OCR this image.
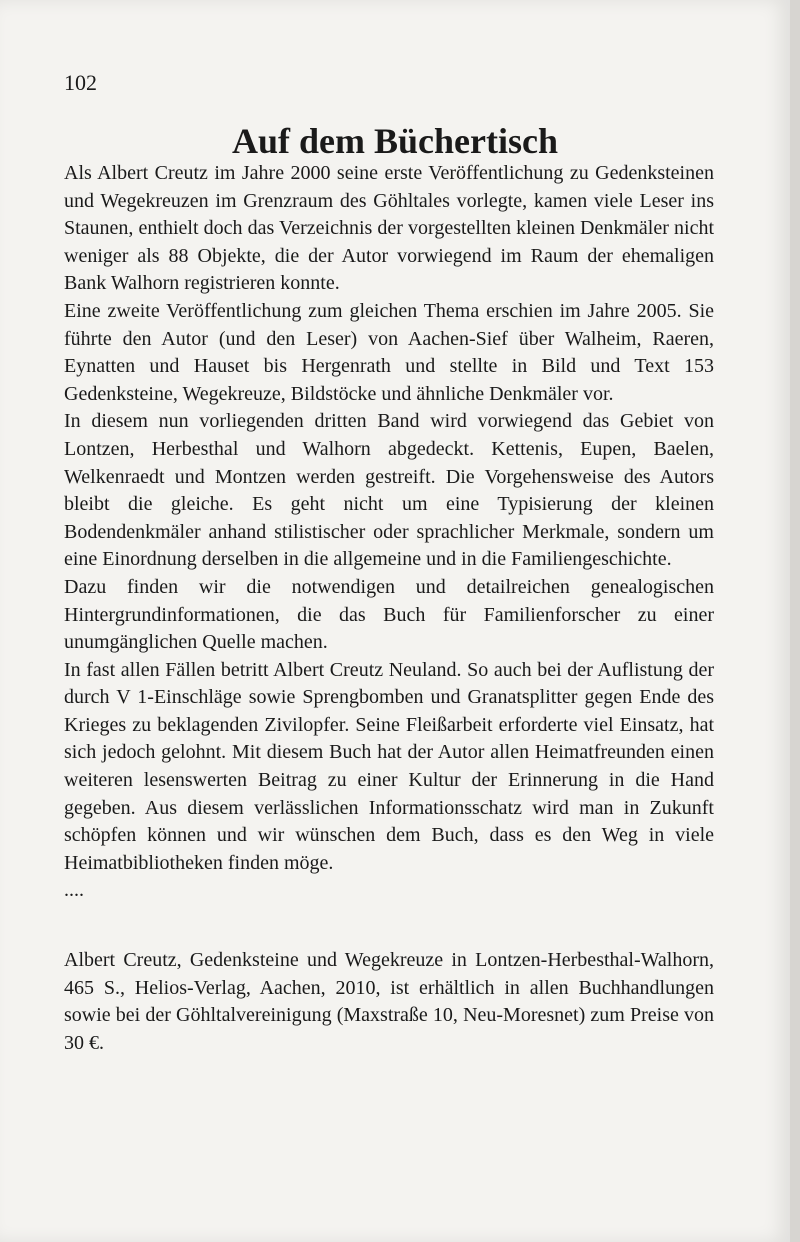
102
Auf dem Büchertisch

Als Albert Creutz im Jahre 2000 seine erste Veröffentlichung zu Gedenksteinen und Wegekreuzen im Grenzraum des Göhltales vorlegte, kamen viele Leser ins Staunen, enthielt doch das Verzeichnis der vorgestellten kleinen Denkmäler nicht weniger als 88 Objekte, die der Autor vorwiegend im Raum der ehemaligen Bank Walhorn registrieren konnte.

Eine zweite Veröffentlichung zum gleichen Thema erschien im Jahre 2005. Sie führte den Autor (und den Leser) von Aachen-Sief über Walheim, Raeren, Eynatten und Hauset bis Hergenrath und stellte in Bild und Text 153 Gedenksteine, Wegekreuze, Bildstöcke und ähnliche Denkmäler vor.

In diesem nun vorliegenden dritten Band wird vorwiegend das Gebiet von Lontzen, Herbesthal und Walhorn abgedeckt. Kettenis, Eupen, Baelen, Welkenraedt und Montzen werden gestreift. Die Vorgehensweise des Autors bleibt die gleiche. Es geht nicht um eine Typisierung der kleinen Bodendenkmäler anhand stilistischer oder sprachlicher Merkmale, sondern um eine Einordnung derselben in die allgemeine und in die Familiengeschichte.

Dazu finden wir die notwendigen und detailreichen genealogischen Hintergrundinformationen, die das Buch für Familienforscher zu einer unumgänglichen Quelle machen.

In fast allen Fällen betritt Albert Creutz Neuland. So auch bei der Auflistung der durch V 1-Einschläge sowie Sprengbomben und Granatsplitter gegen Ende des Krieges zu beklagenden Zivilopfer. Seine Fleißarbeit erforderte viel Einsatz, hat sich jedoch gelohnt. Mit diesem Buch hat der Autor allen Heimatfreunden einen weiteren lesenswerten Beitrag zu einer Kultur der Erinnerung in die Hand gegeben. Aus diesem verlässlichen Informationsschatz wird man in Zukunft schöpfen können und wir wünschen dem Buch, dass es den Weg in viele Heimatbibliotheken finden möge.

....

Albert Creutz, Gedenksteine und Wegekreuze in Lontzen-Herbesthal-Walhorn, 465 S., Helios-Verlag, Aachen, 2010, ist erhältlich in allen Buchhandlungen sowie bei der Göhltalvereinigung (Maxstraße 10, Neu-Moresnet) zum Preise von 30 €.
